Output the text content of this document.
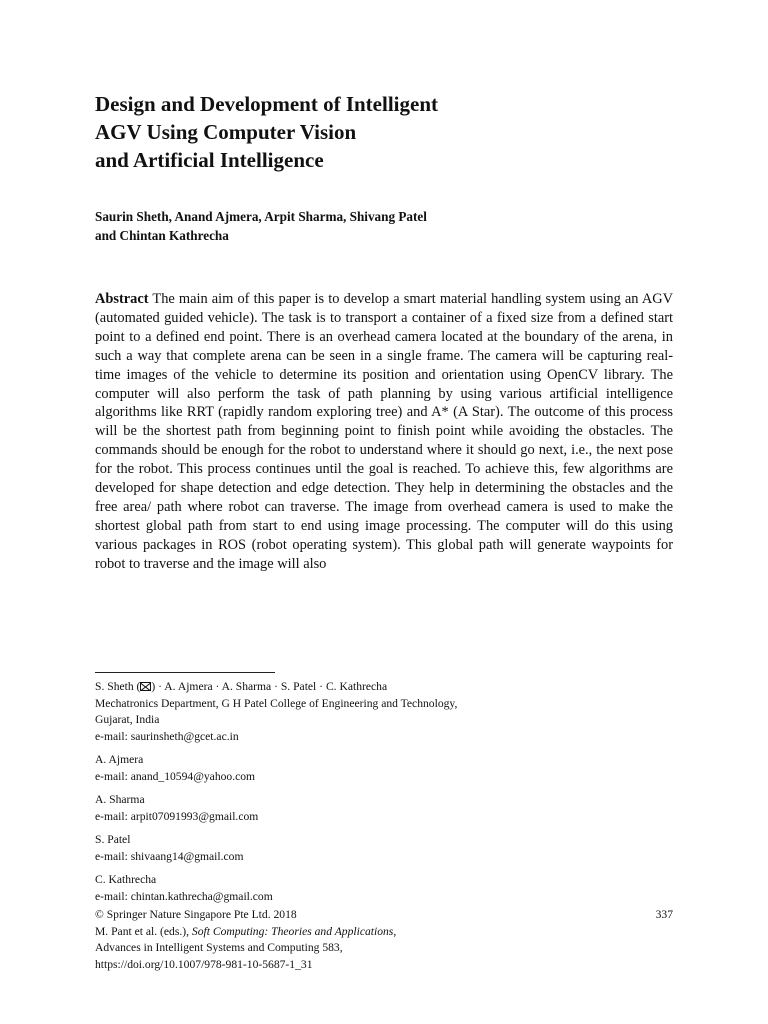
Design and Development of Intelligent
AGV Using Computer Vision
and Artificial Intelligence
Saurin Sheth, Anand Ajmera, Arpit Sharma, Shivang Patel
and Chintan Kathrecha

Abstract The main aim of this paper is to develop a smart material handling system using an AGV (automated guided vehicle). The task is to transport a container of a fixed size from a defined start point to a defined end point. There is an overhead camera located at the boundary of the arena, in such a way that complete arena can be seen in a single frame. The camera will be capturing real-time images of the vehicle to determine its position and orientation using OpenCV library. The computer will also perform the task of path planning by using various artificial intelligence algorithms like RRT (rapidly random exploring tree) and A* (A Star). The outcome of this process will be the shortest path from beginning point to finish point while avoiding the obstacles. The commands should be enough for the robot to understand where it should go next, i.e., the next pose for the robot. This process continues until the goal is reached. To achieve this, few algorithms are developed for shape detection and edge detection. They help in determining the obstacles and the free area/ path where robot can traverse. The image from overhead camera is used to make the shortest global path from start to end using image processing. The computer will do this using various packages in ROS (robot operating system). This global path will generate waypoints for robot to traverse and the image will also

S. Sheth ( ) · A. Ajmera · A. Sharma · S. Patel · C. Kathrecha
Mechatronics Department, G H Patel College of Engineering and Technology,
Gujarat, India
e-mail: saurinsheth@gcet.ac.in
A. Ajmera
e-mail: anand_10594@yahoo.com
A. Sharma
e-mail: arpit07091993@gmail.com
S. Patel
e-mail: shivaang14@gmail.com
C. Kathrecha
e-mail: chintan.kathrecha@gmail.com
© Springer Nature Singapore Pte Ltd. 2018
M. Pant et al. (eds.), Soft Computing: Theories and Applications,
Advances in Intelligent Systems and Computing 583,
https://doi.org/10.1007/978-981-10-5687-1_31
337
